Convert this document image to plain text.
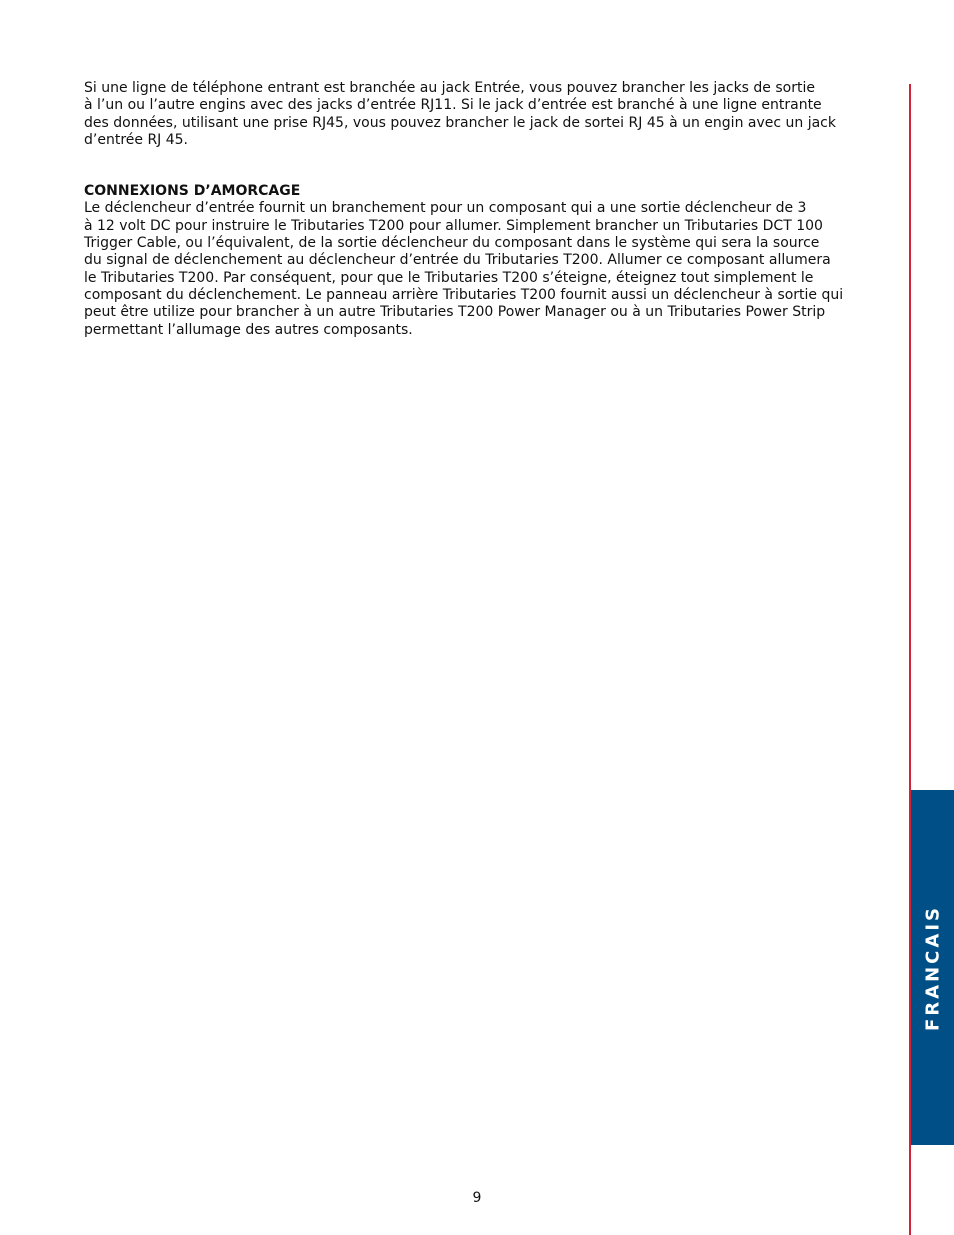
Si une ligne de téléphone entrant est branchée au jack Entrée, vous pouvez brancher les jacks de sortie
à l’un ou l’autre engins avec des jacks d’entrée RJ11. Si le jack d’entrée est branché à une ligne entrante
des données, utilisant une prise RJ45, vous pouvez brancher le jack de sortei RJ 45 à un engin avec un jack
d’entrée RJ 45.

CONNEXIONS D’AMORCAGE

Le déclencheur d’entrée fournit un branchement pour un composant qui a une sortie déclencheur de 3
à 12 volt DC pour instruire le Tributaries T200 pour allumer. Simplement brancher un Tributaries DCT 100
Trigger Cable, ou l’équivalent, de la sortie déclencheur du composant dans le système qui sera la source
du signal de déclenchement au déclencheur d’entrée du Tributaries T200. Allumer ce composant allumera
le Tributaries T200. Par conséquent, pour que le Tributaries T200 s’éteigne, éteignez tout simplement le
composant du déclenchement. Le panneau arrière Tributaries T200 fournit aussi un déclencheur à sortie qui
peut être utilize pour brancher à un autre Tributaries T200 Power Manager ou à un Tributaries Power Strip
permettant l’allumage des autres composants.

FRANCAIS
9
